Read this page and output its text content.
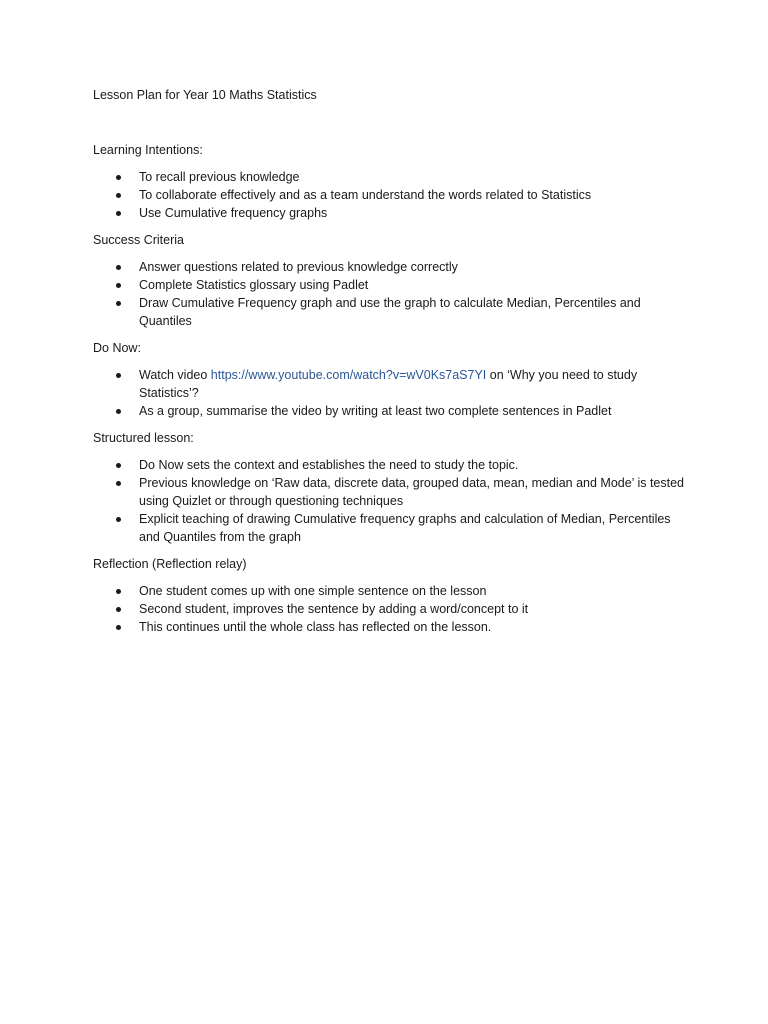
Lesson Plan for Year 10 Maths Statistics

Learning Intentions:

To recall previous knowledge
To collaborate effectively and as a team understand the words related to Statistics
Use Cumulative frequency graphs

Success Criteria

Answer questions related to previous knowledge correctly
Complete Statistics glossary using Padlet
Draw Cumulative Frequency graph and use the graph to calculate Median, Percentiles and Quantiles

Do Now:

Watch video https://www.youtube.com/watch?v=wV0Ks7aS7YI on ‘Why you need to study Statistics’?
As a group, summarise the video by writing at least two complete sentences in Padlet

Structured lesson:

Do Now sets the context and establishes the need to study the topic.
Previous knowledge on ‘Raw data, discrete data, grouped data, mean, median and Mode’ is tested using Quizlet or through questioning techniques
Explicit teaching of drawing Cumulative frequency graphs and calculation of Median, Percentiles and Quantiles from the graph

Reflection (Reflection relay)

One student comes up with one simple sentence on the lesson
Second student, improves the sentence by adding a word/concept to it
This continues until the whole class has reflected on the lesson.
